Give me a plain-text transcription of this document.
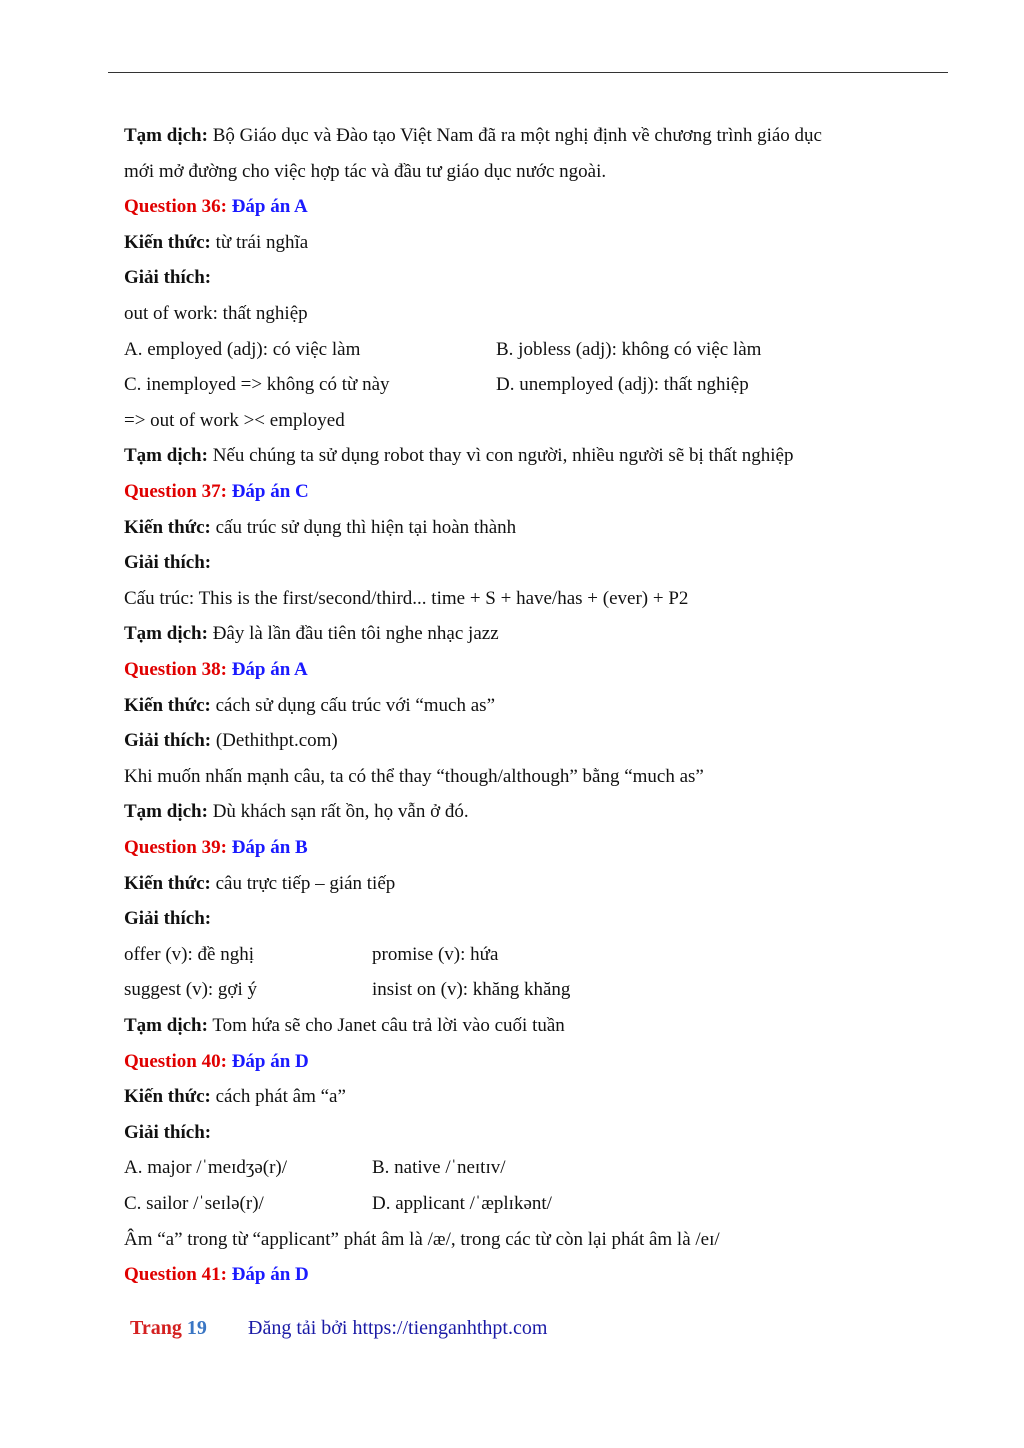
Tạm dịch: Bộ Giáo dục và Đào tạo Việt Nam đã ra một nghị định về chương trình giáo dục
mới mở đường cho việc hợp tác và đầu tư giáo dục nước ngoài.
Question 36: Đáp án A
Kiến thức: từ trái nghĩa
Giải thích:
out of work: thất nghiệp
A. employed (adj): có việc làm	B. jobless (adj): không có việc làm
C. inemployed => không có từ này	D. unemployed (adj): thất nghiệp
=> out of work >< employed
Tạm dịch: Nếu chúng ta sử dụng robot thay vì con người, nhiều người sẽ bị thất nghiệp
Question 37: Đáp án C
Kiến thức: cấu trúc sử dụng thì hiện tại hoàn thành
Giải thích:
Cấu trúc: This is the first/second/third... time + S + have/has + (ever) + P2
Tạm dịch: Đây là lần đầu tiên tôi nghe nhạc jazz
Question 38: Đáp án A
Kiến thức: cách sử dụng cấu trúc với “much as”
Giải thích: (Dethithpt.com)
Khi muốn nhấn mạnh câu, ta có thể thay “though/although” bằng “much as”
Tạm dịch: Dù khách sạn rất ồn, họ vẫn ở đó.
Question 39: Đáp án B
Kiến thức: câu trực tiếp – gián tiếp
Giải thích:
offer (v): đề nghị	promise (v): hứa
suggest (v): gợi ý	insist on (v): khăng khăng
Tạm dịch: Tom hứa sẽ cho Janet câu trả lời vào cuối tuần
Question 40: Đáp án D
Kiến thức: cách phát âm “a”
Giải thích:
A. major /ˈmeɪdʒə(r)/	B. native /ˈneɪtɪv/
C. sailor /ˈseɪlə(r)/	D. applicant /ˈæplɪkənt/
Âm “a” trong từ “applicant” phát âm là /æ/, trong các từ còn lại phát âm là /eɪ/
Question 41: Đáp án D
Trang 19 Đăng tải bởi https://tienganhthpt.com
